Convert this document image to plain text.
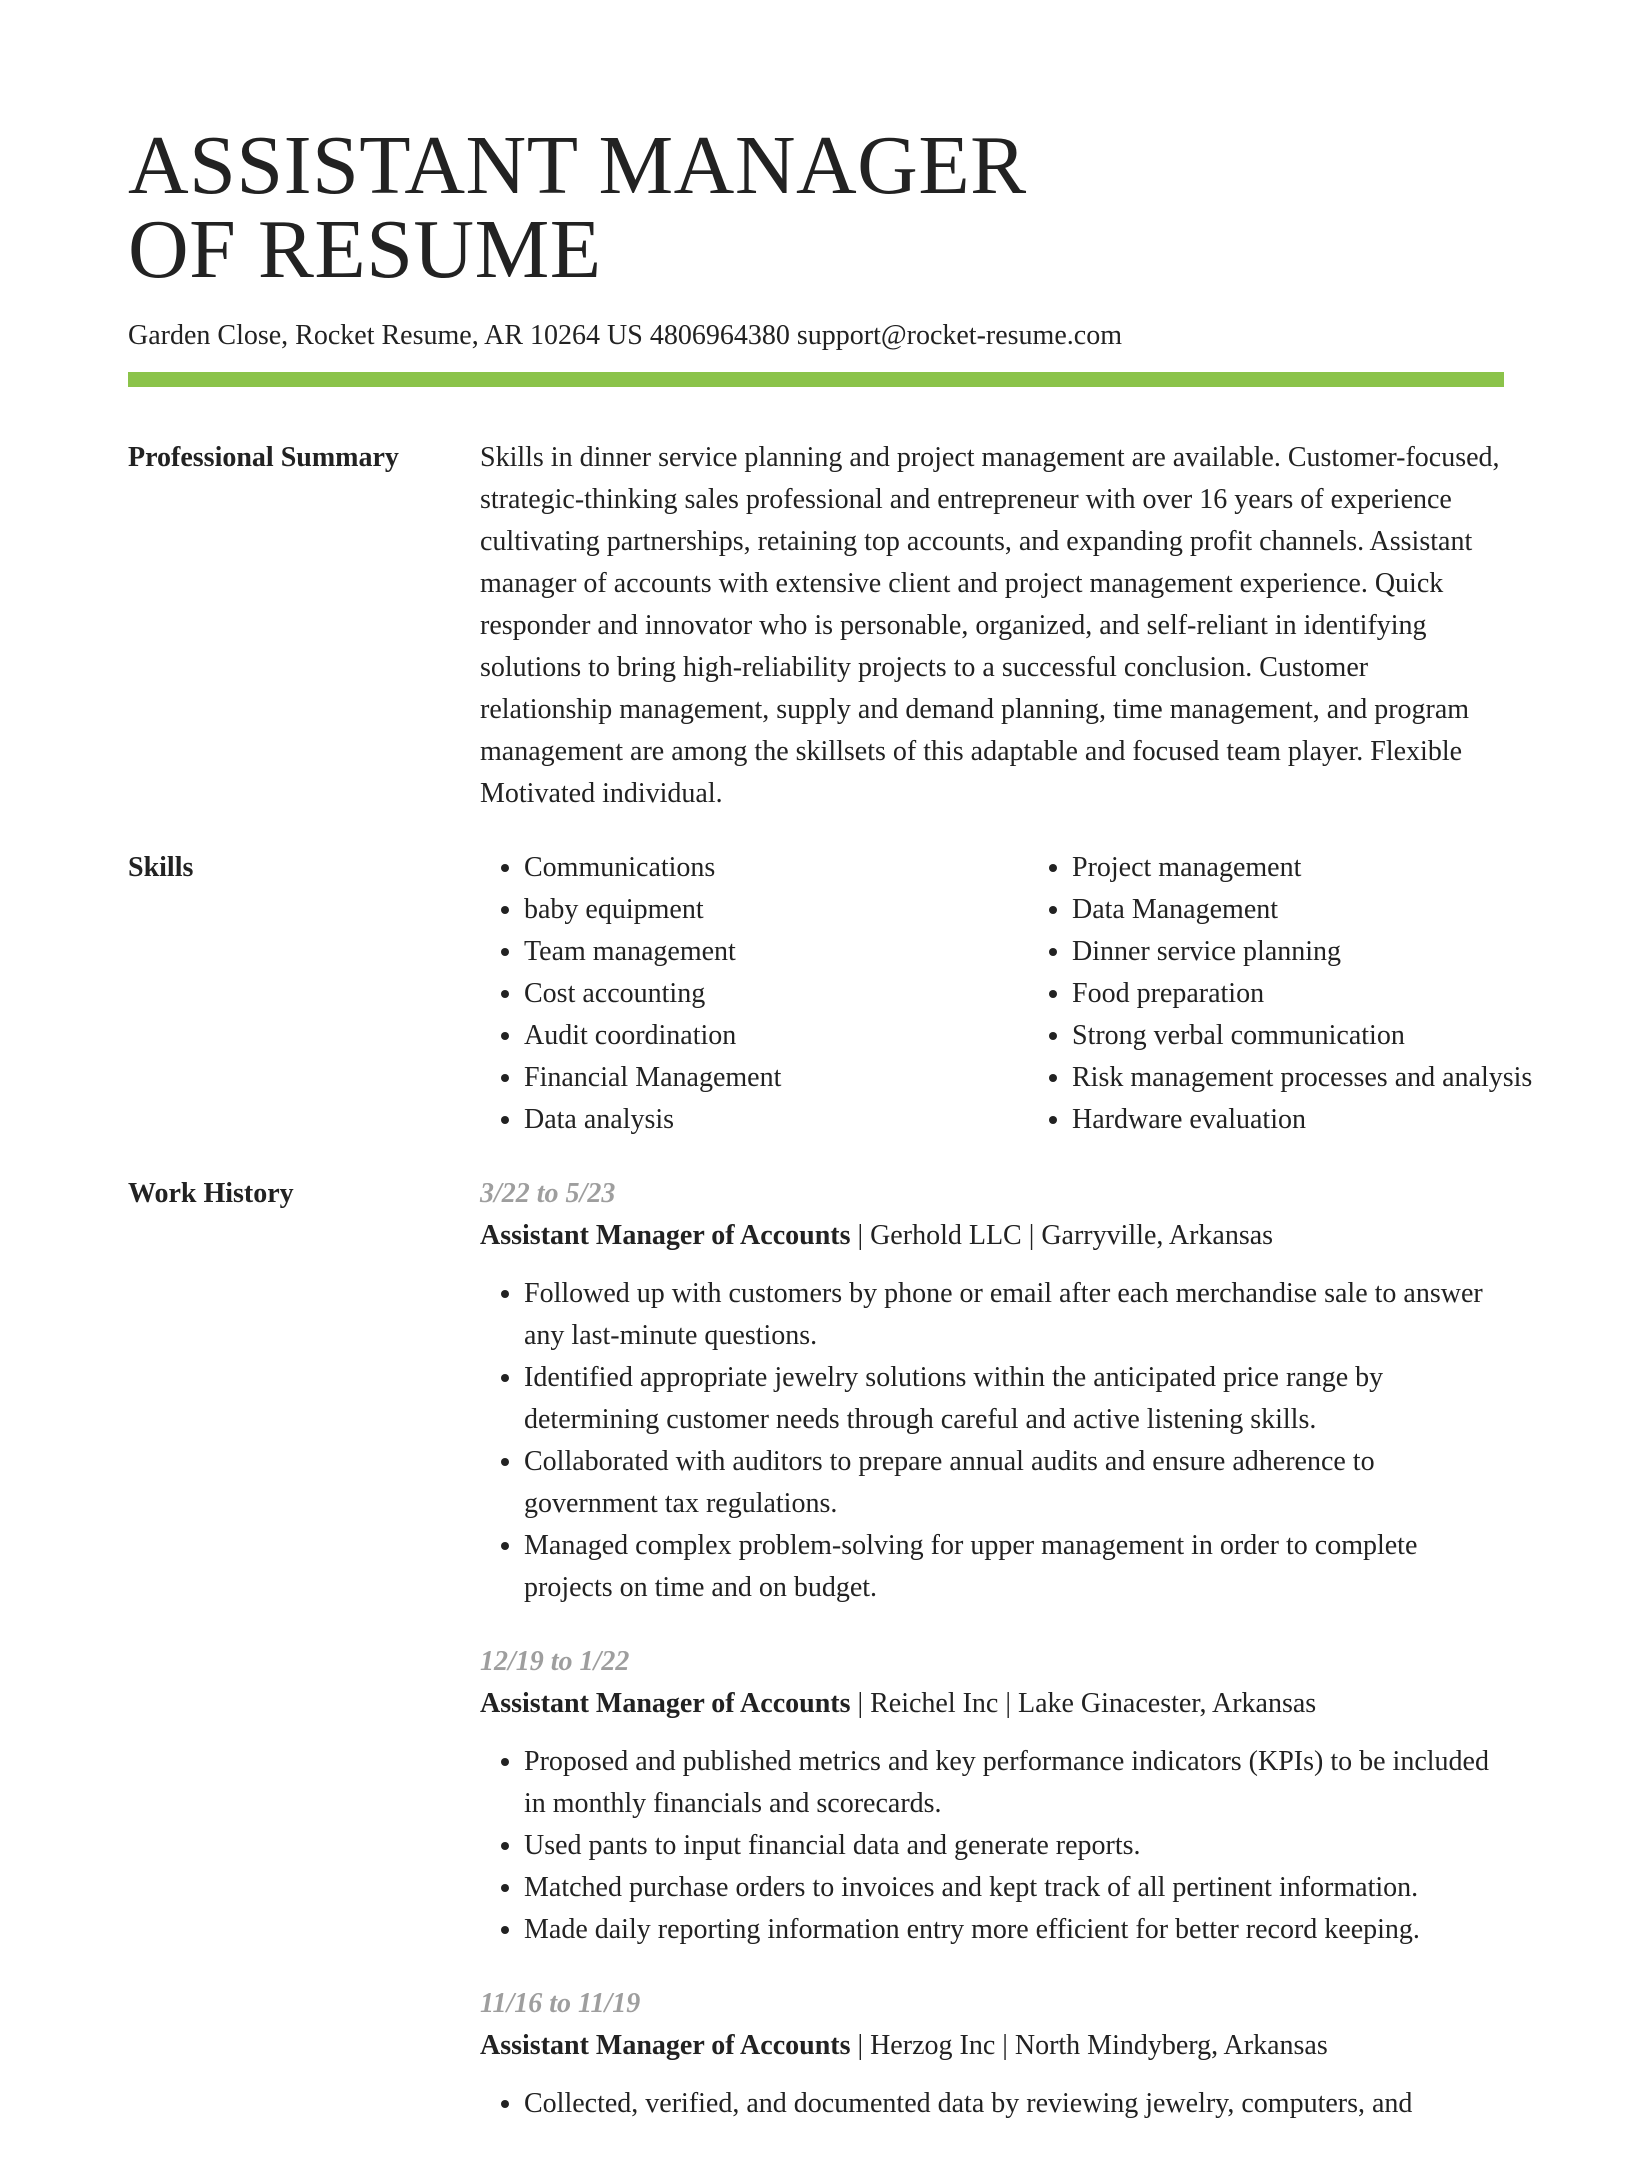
ASSISTANT MANAGER
OF RESUME
Garden Close, Rocket Resume, AR 10264 US 4806964380 support@rocket-resume.com
Professional Summary	Skills in dinner service planning and project management are available. Customer-focused, strategic-thinking sales professional and entrepreneur with over 16 years of experience cultivating partnerships, retaining top accounts, and expanding profit channels. Assistant manager of accounts with extensive client and project management experience. Quick responder and innovator who is personable, organized, and self-reliant in identifying solutions to bring high-reliability projects to a successful conclusion. Customer relationship management, supply and demand planning, time management, and program management are among the skillsets of this adaptable and focused team player. Flexible Motivated individual.
Skills
•	Communications
• baby equipment
• Team management
• Cost accounting
• Audit coordination
• Financial Management
• Data analysis
• Project management
• Data Management
• Dinner service planning
• Food preparation
• Strong verbal communication
• Risk management processes and analysis
• Hardware evaluation
Work History	3/22 to 5/23
Assistant Manager of Accounts | Gerhold LLC | Garryville, Arkansas
• Followed up with customers by phone or email after each merchandise sale to answer any last-minute questions.
• Identified appropriate jewelry solutions within the anticipated price range by determining customer needs through careful and active listening skills.
• Collaborated with auditors to prepare annual audits and ensure adherence to government tax regulations.
• Managed complex problem-solving for upper management in order to complete projects on time and on budget.
12/19 to 1/22
Assistant Manager of Accounts | Reichel Inc | Lake Ginacester, Arkansas
• Proposed and published metrics and key performance indicators (KPIs) to be included in monthly financials and scorecards.
• Used pants to input financial data and generate reports.
• Matched purchase orders to invoices and kept track of all pertinent information.
• Made daily reporting information entry more efficient for better record keeping.
11/16 to 11/19
Assistant Manager of Accounts | Herzog Inc | North Mindyberg, Arkansas
• Collected, verified, and documented data by reviewing jewelry, computers, and
